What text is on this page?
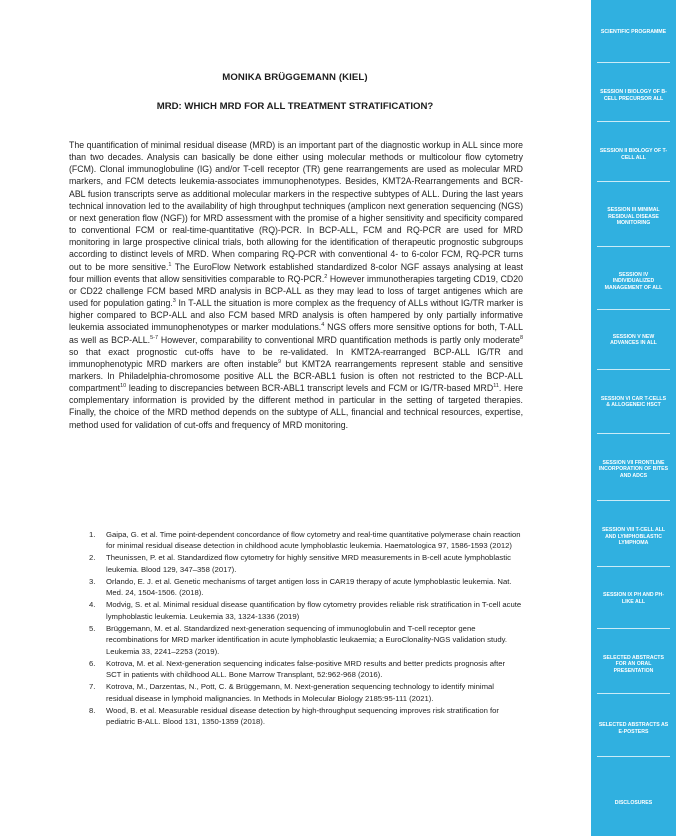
MONIKA BRÜGGEMANN (KIEL)
MRD: WHICH MRD FOR ALL TREATMENT STRATIFICATION?
The quantification of minimal residual disease (MRD) is an important part of the diagnostic workup in ALL since more than two decades. Analysis can basically be done either using molecular methods or multicolour flow cytometry (FCM). Clonal immunoglobuline (IG) and/or T-cell receptor (TR) gene rearrangements are used as molecular MRD markers, and FCM detects leukemia-associates immunophenotypes. Besides, KMT2A-Rearrangements and BCR-ABL fusion transcripts serve as additional molecular markers in the respective subtypes of ALL. During the last years technical innovation led to the availability of high throughput techniques (amplicon next generation sequencing (NGS) or next generation flow (NGF)) for MRD assessment with the promise of a higher sensitivity and specificity compared to conventional FCM or real-time-quantitative (RQ)-PCR. In BCP-ALL, FCM and RQ-PCR are used for MRD monitoring in large prospective clinical trials, both allowing for the identification of therapeutic prognostic subgroups according to distinct levels of MRD. When comparing RQ-PCR with conventional 4- to 6-color FCM, RQ-PCR turns out to be more sensitive.$^1$ The EuroFlow Network established standardized 8-color NGF assays analysing at least four million events that allow sensitivities comparable to RQ-PCR.$^2$ However immunotherapies targeting CD19, CD20 or CD22 challenge FCM based MRD analysis in BCP-ALL as they may lead to loss of target antigenes which are used for population gating.$^3$ In T-ALL the situation is more complex as the frequency of ALLs without IG/TR marker is higher compared to BCP-ALL and also FCM based MRD analysis is often hampered by only partially informative leukemia associated immunophenotypes or marker modulations.$^4$ NGS offers more sensitive options for both, T-ALL as well as BCP-ALL.$^{5-7}$ However, comparability to conventional MRD quantification methods is partly only moderate$^8$ so that exact prognostic cut-offs have to be re-validated. In KMT2A-rearranged BCP-ALL IG/TR and immunophenotypic MRD markers are often instable$^9$ but KMT2A rearrangements represent stable and sensitive markers. In Philadelphia-chromosome positive ALL the BCR-ABL1 fusion is often not restricted to the BCP-ALL compartment$^{10}$ leading to discrepancies between BCR-ABL1 transcript levels and FCM or IG/TR-based MRD$^{11}$. Here complementary information is provided by the different method in particular in the setting of targeted therapies. Finally, the choice of the MRD method depends on the subtype of ALL, financial and technical resources, expertise, method used for validation of cut-offs and frequency of MRD monitoring.
1. Gaipa, G. et al. Time point-dependent concordance of flow cytometry and real-time quantitative polymerase chain reaction for minimal residual disease detection in childhood acute lymphoblastic leukemia. Haematologica 97, 1586-1593 (2012)
2. Theunissen, P. et al. Standardized flow cytometry for highly sensitive MRD measurements in B-cell acute lymphoblastic leukemia. Blood 129, 347–358 (2017).
3. Orlando, E. J. et al. Genetic mechanisms of target antigen loss in CAR19 therapy of acute lymphoblastic leukemia. Nat. Med. 24, 1504-1506. (2018).
4. Modvig, S. et al. Minimal residual disease quantification by flow cytometry provides reliable risk stratification in T-cell acute lymphoblastic leukemia. Leukemia 33, 1324-1336 (2019)
5. Brüggemann, M. et al. Standardized next-generation sequencing of immunoglobulin and T-cell receptor gene recombinations for MRD marker identification in acute lymphoblastic leukaemia; a EuroClonality-NGS validation study. Leukemia 33, 2241–2253 (2019).
6. Kotrova, M. et al. Next-generation sequencing indicates false-positive MRD results and better predicts prognosis after SCT in patients with childhood ALL. Bone Marrow Transplant, 52:962-968 (2016).
7. Kotrova, M., Darzentas, N., Pott, C. & Brüggemann, M. Next-generation sequencing technology to identify minimal residual disease in lymphoid malignancies. In Methods in Molecular Biology 2185:95-111 (2021).
8. Wood, B. et al. Measurable residual disease detection by high-throughput sequencing improves risk stratification for pediatric B-ALL. Blood 131, 1350-1359 (2018).
SCIENTIFIC PROGRAMME
SESSION I BIOLOGY OF B-CELL PRECURSOR ALL
SESSION II BIOLOGY OF T-CELL ALL
SESSION III MINIMAL RESIDUAL DISEASE MONITORING
SESSION IV INDIVIDUALIZED MANAGEMENT OF ALL
SESSION V NEW ADVANCES IN ALL
SESSION VI CAR T-CELLS & ALLOGENEIC HSCT
SESSION VII FRONTLINE INCORPORATION OF BITES AND ADCS
SESSION VIII T-CELL ALL AND LYMPHOBLASTIC LYMPHOMA
SESSION IX PH AND PH-LIKE ALL
SELECTED ABSTRACTS FOR AN ORAL PRESENTATION
SELECTED ABSTRACTS AS E-POSTERS
DISCLOSURES
